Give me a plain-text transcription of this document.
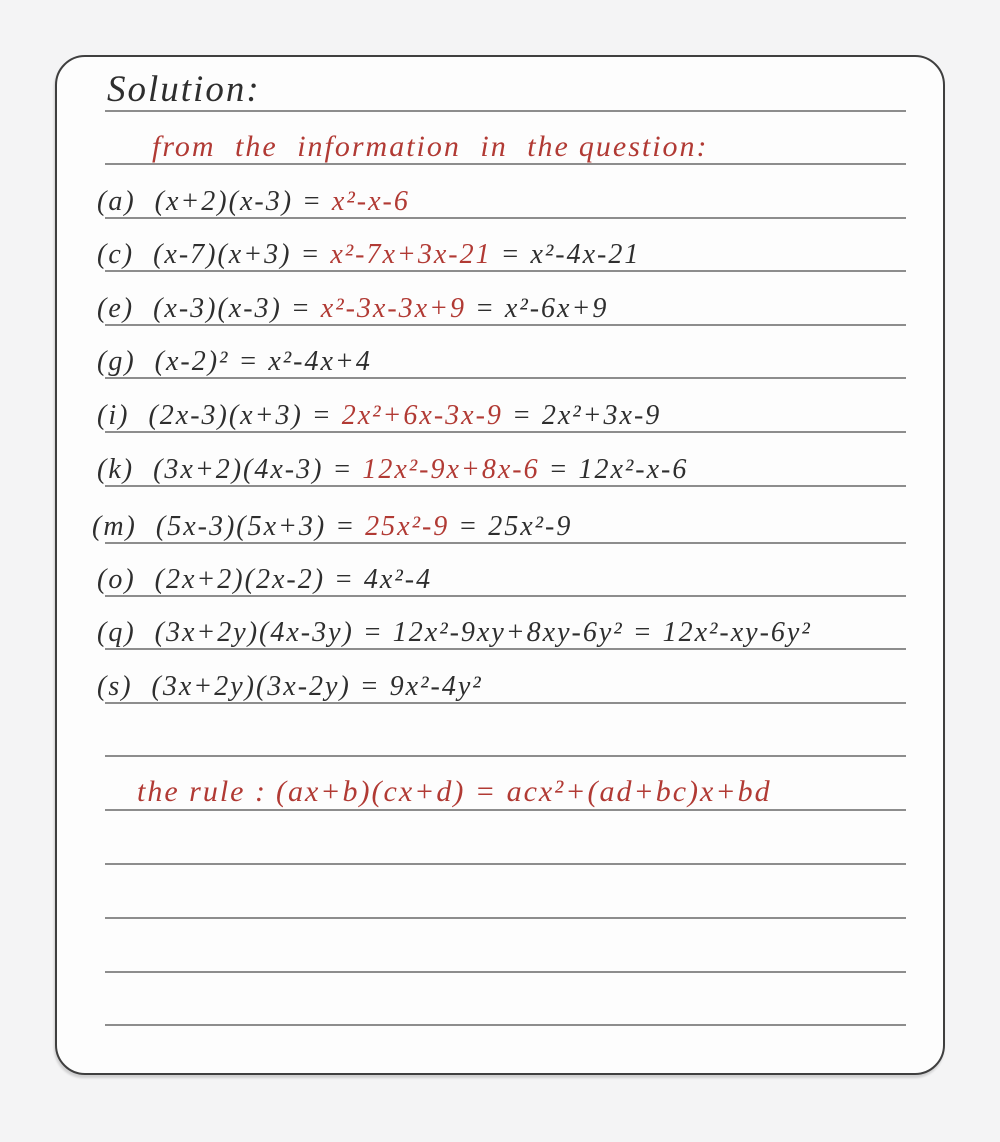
Solution:
from the information in the question:
(a) (x+2)(x-3) = x²-x-6
(c) (x-7)(x+3) = x²-7x+3x-21 = x²-4x-21
(e) (x-3)(x-3) = x²-3x-3x+9 = x²-6x+9
(g) (x-2)² = x²-4x+4
(i) (2x-3)(x+3) = 2x²+6x-3x-9 = 2x²+3x-9
(k) (3x+2)(4x-3) = 12x²-9x+8x-6 = 12x²-x-6
(m) (5x-3)(5x+3) = 25x²-9 = 25x²-9
(o) (2x+2)(2x-2) = 4x²-4
(q) (3x+2y)(4x-3y) = 12x²-9xy+8xy-6y² = 12x²-xy-6y²
(s) (3x+2y)(3x-2y) = 9x²-4y²
the rule : (ax+b)(cx+d) = acx²+(ad+bc)x+bd
